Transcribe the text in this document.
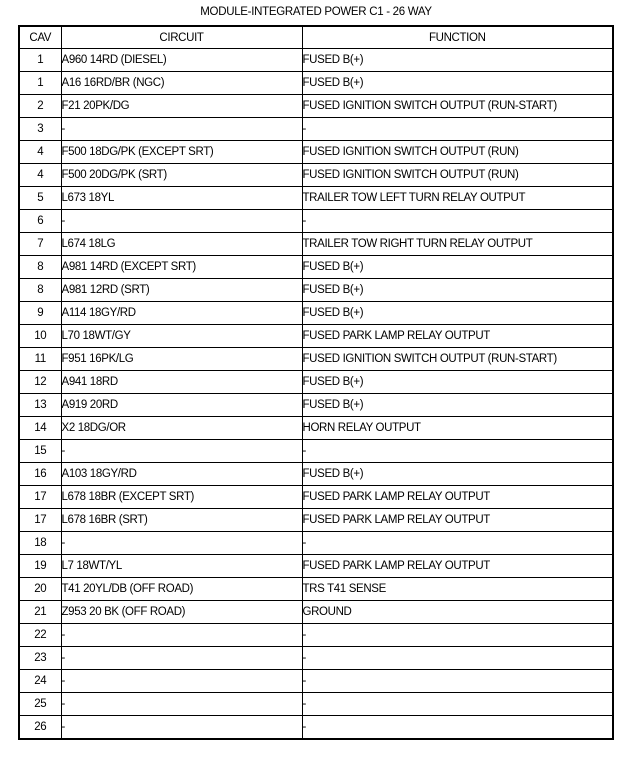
MODULE-INTEGRATED POWER C1 - 26 WAY
CAV	CIRCUIT	FUNCTION
1	A960 14RD (DIESEL)	FUSED B(+)
1	A16 16RD/BR (NGC)	FUSED B(+)
2	F21 20PK/DG	FUSED IGNITION SWITCH OUTPUT (RUN-START)
3	-	-
4	F500 18DG/PK (EXCEPT SRT)	FUSED IGNITION SWITCH OUTPUT (RUN)
4	F500 20DG/PK (SRT)	FUSED IGNITION SWITCH OUTPUT (RUN)
5	L673 18YL	TRAILER TOW LEFT TURN RELAY OUTPUT
6	-	-
7	L674 18LG	TRAILER TOW RIGHT TURN RELAY OUTPUT
8	A981 14RD (EXCEPT SRT)	FUSED B(+)
8	A981 12RD (SRT)	FUSED B(+)
9	A114 18GY/RD	FUSED B(+)
10	L70 18WT/GY	FUSED PARK LAMP RELAY OUTPUT
11	F951 16PK/LG	FUSED IGNITION SWITCH OUTPUT (RUN-START)
12	A941 18RD	FUSED B(+)
13	A919 20RD	FUSED B(+)
14	X2 18DG/OR	HORN RELAY OUTPUT
15	-	-
16	A103 18GY/RD	FUSED B(+)
17	L678 18BR (EXCEPT SRT)	FUSED PARK LAMP RELAY OUTPUT
17	L678 16BR (SRT)	FUSED PARK LAMP RELAY OUTPUT
18	-	-
19	L7 18WT/YL	FUSED PARK LAMP RELAY OUTPUT
20	T41 20YL/DB (OFF ROAD)	TRS T41 SENSE
21	Z953 20 BK (OFF ROAD)	GROUND
22	-	-
23	-	-
24	-	-
25	-	-
26	-	-
